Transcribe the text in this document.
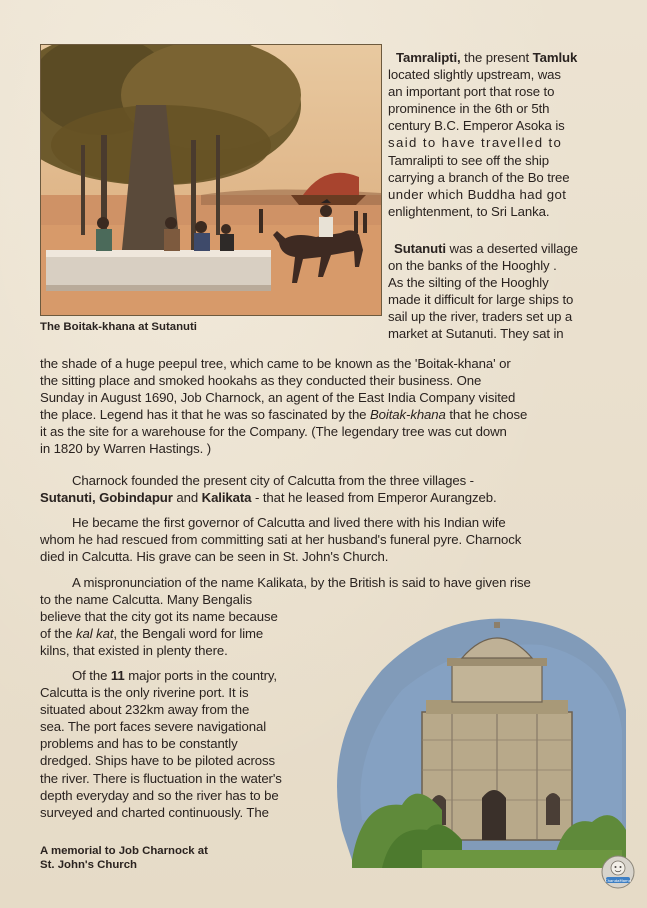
Tamralipti, the present Tamluk
located slightly upstream, was
an important port that rose to
prominence in the 6th or 5th
century B.C. Emperor Asoka is
said to have travelled to
Tamralipti to see off the ship
carrying a branch of the Bo tree
under which Buddha had got
enlightenment, to Sri Lanka.
Sutanuti was a deserted village
on the banks of the Hooghly .
As the silting of the Hooghly
made it difficult for large ships to
sail up the river, traders set up a
market at Sutanuti. They sat in
The Boitak-khana at Sutanuti
the shade of a huge peepul tree, which came to be known as the 'Boitak-khana' or
the sitting place and smoked hookahs as they conducted their business. One
Sunday in August 1690, Job Charnock, an agent of the East India Company visited
the place. Legend has it that he was so fascinated by the Boitak-khana that he chose
it as the site for a warehouse for the Company. (The legendary tree was cut down
in 1820 by Warren Hastings. )
Charnock founded the present city of Calcutta from the three villages -
Sutanuti, Gobindapur and Kalikata - that he leased from Emperor Aurangzeb.
He became the first governor of Calcutta and lived there with his Indian wife
whom he had rescued from committing sati at her husband's funeral pyre. Charnock
died in Calcutta. His grave can be seen in St. John's Church.
A mispronunciation of the name Kalikata, by the British is said to have given rise
to the name Calcutta. Many Bengalis
believe that the city got its name because
of the kal kat, the Bengali word for lime
kilns, that existed in plenty there.
Of the 11 major ports in the country,
Calcutta is the only riverine port. It is
situated about 232km away from the
sea. The port faces severe navigational
problems and has to be constantly
dredged. Ships have to be piloted across
the river. There is fluctuation in the water's
depth everyday and so the river has to be
surveyed and charted continuously. The
A memorial to Job Charnock at
St. John's Church
ChandaMama
